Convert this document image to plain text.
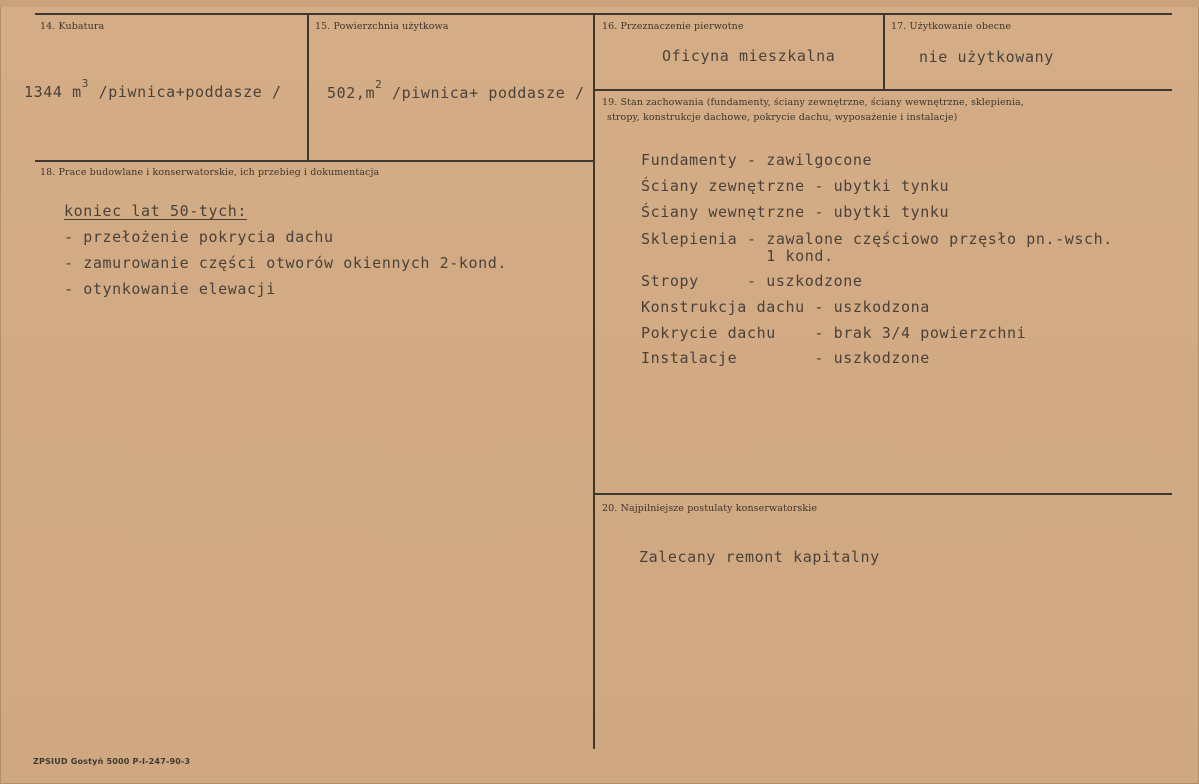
14. Kubatura
1344 $m^3$ /piwnica+poddasze /
15. Powierzchnia użytkowa
$502,m^2$ /piwnica+ poddasze /
16. Przeznaczenie pierwotne
Oficyna mieszkalna
17. Użytkowanie obecne
nie użytkowany
18. Prace budowlane i konserwatorskie, ich przebieg i dokumentacja
koniec lat 50-tych:
- przełożenie pokrycia dachu
- zamurowanie części otworów okiennych 2-kond.
- otynkowanie elewacji
19. Stan zachowania (fundamenty, ściany zewnętrzne, ściany wewnętrzne, sklepienia,
stropy, konstrukcje dachowe, pokrycie dachu, wyposażenie i instalacje)
Fundamenty - zawilgocone
Ściany zewnętrzne - ubytki tynku
Ściany wewnętrzne - ubytki tynku
Sklepienia - zawalone częściowo przęsło pn.-wsch.
1 kond.
Stropy     - uszkodzone
Konstrukcja dachu - uszkodzona
Pokrycie dachu    - brak 3/4 powierzchni
Instalacje        - uszkodzone
20. Najpilniejsze postulaty konserwatorskie
Zalecany remont kapitalny
ZPSIUD Gostyń 5000 P-I-247-90-3
